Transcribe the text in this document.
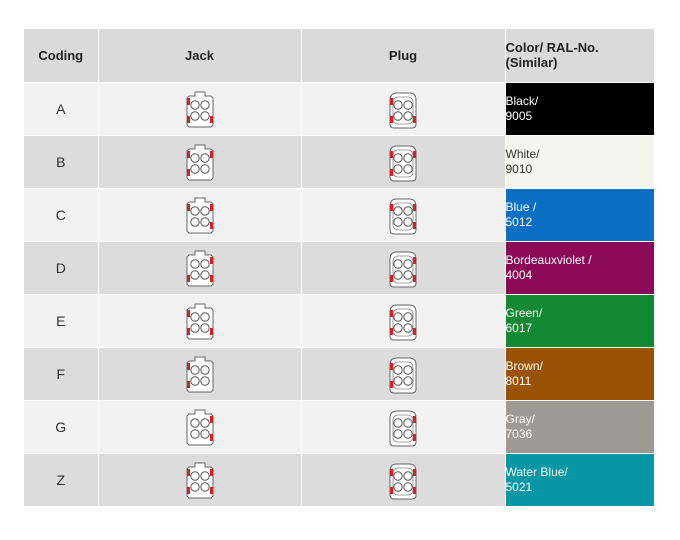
Coding	Jack	Plug	Color/ RAL-No.
(Similar)

A			Black/
9005

B			White/
9010

C			Blue /
5012

D			Bordeauxviolet /
4004

E			Green/
6017

F			Brown/
8011

G			Gray/
7036

Z			Water Blue/
5021
